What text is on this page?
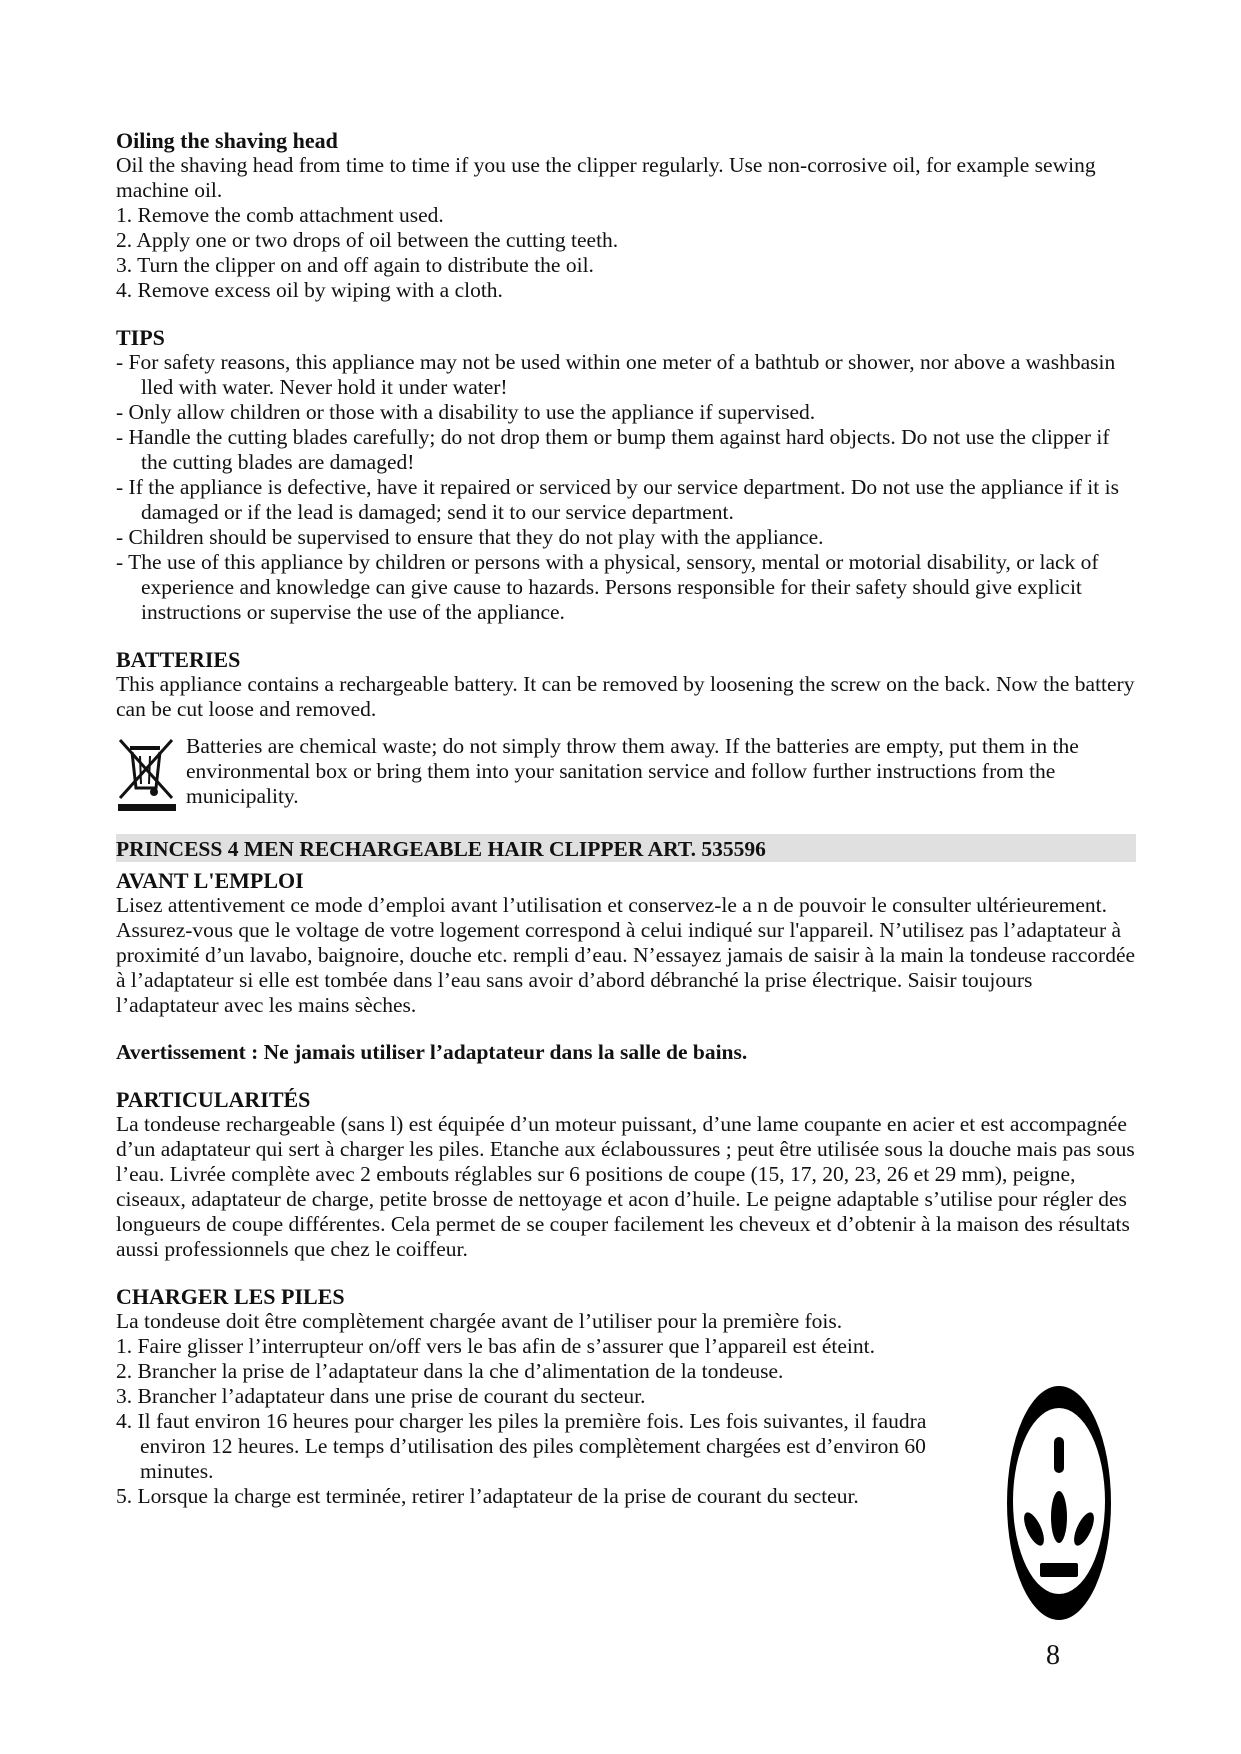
Oiling the shaving head

Oil the shaving head from time to time if you use the clipper regularly. Use non-corrosive oil, for example sewing machine oil.

1. Remove the comb attachment used.

2. Apply one or two drops of oil between the cutting teeth.

3. Turn the clipper on and off again to distribute the oil.

4. Remove excess oil by wiping with a cloth.

TIPS

- For safety reasons, this appliance may not be used within one meter of a bathtub or shower, nor above a washbasin lled with water. Never hold it under water!

- Only allow children or those with a disability to use the appliance if supervised.

- Handle the cutting blades carefully; do not drop them or bump them against hard objects. Do not use the clipper if the cutting blades are damaged!

- If the appliance is defective, have it repaired or serviced by our service department. Do not use the appliance if it is damaged or if the lead is damaged; send it to our service department.

- Children should be supervised to ensure that they do not play with the appliance.

- The use of this appliance by children or persons with a physical, sensory, mental or motorial disability, or lack of experience and knowledge can give cause to hazards. Persons responsible for their safety should give explicit instructions or supervise the use of the appliance.

BATTERIES

This appliance contains a rechargeable battery. It can be removed by loosening the screw on the back. Now the battery can be cut loose and removed.

Batteries are chemical waste; do not simply throw them away. If the batteries are empty, put them in the environmental box or bring them into your sanitation service and follow further instructions from the municipality.

PRINCESS 4 MEN RECHARGEABLE HAIR CLIPPER ART. 535596

AVANT L'EMPLOI

Lisez attentivement ce mode d’emploi avant l’utilisation et conservez-le a n de pouvoir le consulter ultérieurement. Assurez-vous que le voltage de votre logement correspond à celui indiqué sur l'appareil. N’utilisez pas l’adaptateur à proximité d’un lavabo, baignoire, douche etc. rempli d’eau. N’essayez jamais de saisir à la main la tondeuse raccordée à l’adaptateur si elle est tombée dans l’eau sans avoir d’abord débranché la prise électrique. Saisir toujours l’adaptateur avec les mains sèches.

Avertissement : Ne jamais utiliser l’adaptateur dans la salle de bains.

PARTICULARITÉS

La tondeuse rechargeable (sans l) est équipée d’un moteur puissant, d’une lame coupante en acier et est accompagnée d’un adaptateur qui sert à charger les piles. Etanche aux éclaboussures ; peut être utilisée sous la douche mais pas sous l’eau. Livrée complète avec 2 embouts réglables sur 6 positions de coupe (15, 17, 20, 23, 26 et 29 mm), peigne, ciseaux, adaptateur de charge, petite brosse de nettoyage et acon d’huile. Le peigne adaptable s’utilise pour régler des longueurs de coupe différentes. Cela permet de se couper facilement les cheveux et d’obtenir à la maison des résultats aussi professionnels que chez le coiffeur.

CHARGER LES PILES

La tondeuse doit être complètement chargée avant de l’utiliser pour la première fois.

1. Faire glisser l’interrupteur on/off vers le bas afin de s’assurer que l’appareil est éteint.

2. Brancher la prise de l’adaptateur dans la che d’alimentation de la tondeuse.

3. Brancher l’adaptateur dans une prise de courant du secteur.

4. Il faut environ 16 heures pour charger les piles la première fois. Les fois suivantes, il faudra environ 12 heures. Le temps d’utilisation des piles complètement chargées est d’environ 60 minutes.

5. Lorsque la charge est terminée, retirer l’adaptateur de la prise de courant du secteur.

8
